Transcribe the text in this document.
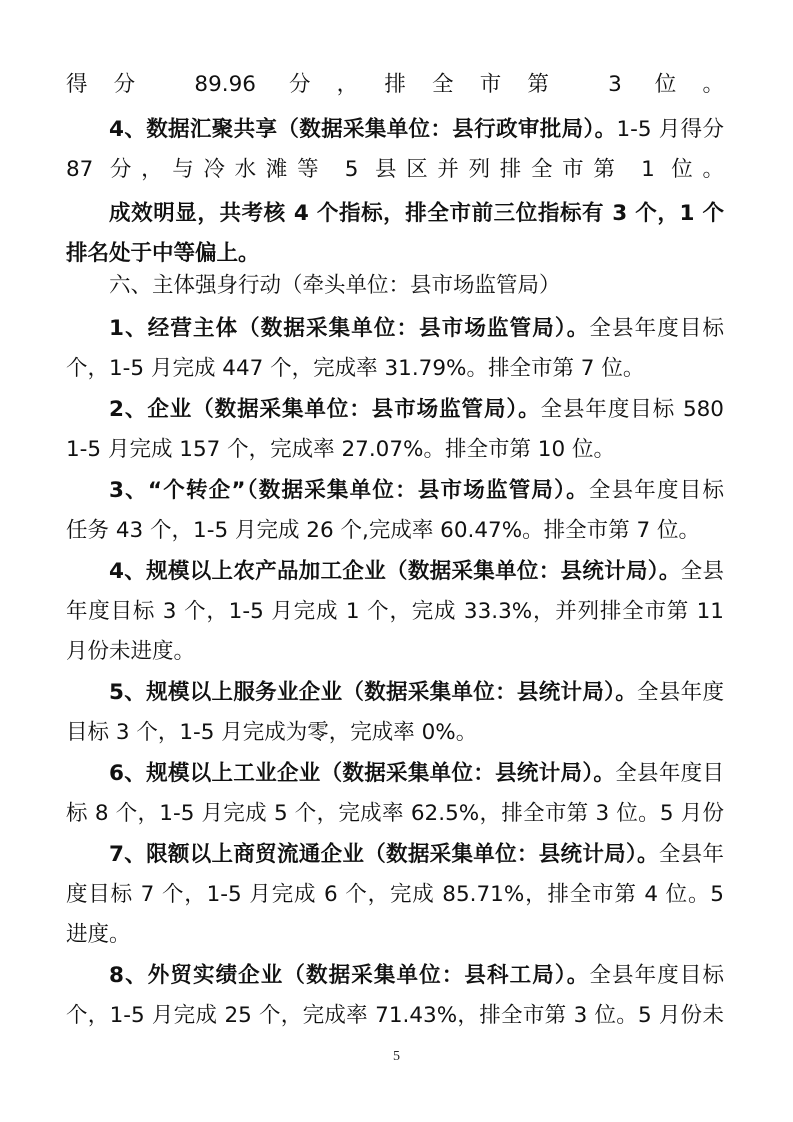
得分 89.96 分，排全市第 3 位。
4、数据汇聚共享（数据采集单位：县行政审批局）。1-5 月得分
87 分，与冷水滩等 5 县区并列排全市第 1 位。
成效明显，共考核 4 个指标，排全市前三位指标有 3 个，1 个
排名处于中等偏上。
六、主体强身行动（牵头单位：县市场监管局）
1、经营主体（数据采集单位：县市场监管局）。全县年度目标
个，1-5 月完成 447 个，完成率 31.79%。排全市第 7 位。
2、企业（数据采集单位：县市场监管局）。全县年度目标 580
1-5 月完成 157 个，完成率 27.07%。排全市第 10 位。
3、“个转企”（数据采集单位：县市场监管局）。全县年度目标
任务 43 个，1-5 月完成 26 个,完成率 60.47%。排全市第 7 位。
4、规模以上农产品加工企业（数据采集单位：县统计局）。全县
年度目标 3 个，1-5 月完成 1 个，完成 33.3%，并列排全市第 11
月份未进度。
5、规模以上服务业企业（数据采集单位：县统计局）。全县年度
目标 3 个，1-5 月完成为零，完成率 0%。
6、规模以上工业企业（数据采集单位：县统计局）。全县年度目
标 8 个，1-5 月完成 5 个，完成率 62.5%，排全市第 3 位。5 月份
7、限额以上商贸流通企业（数据采集单位：县统计局）。全县年
度目标 7 个，1-5 月完成 6 个，完成 85.71%，排全市第 4 位。5
进度。
8、外贸实绩企业（数据采集单位：县科工局）。全县年度目标
个，1-5 月完成 25 个，完成率 71.43%，排全市第 3 位。5 月份未
5
